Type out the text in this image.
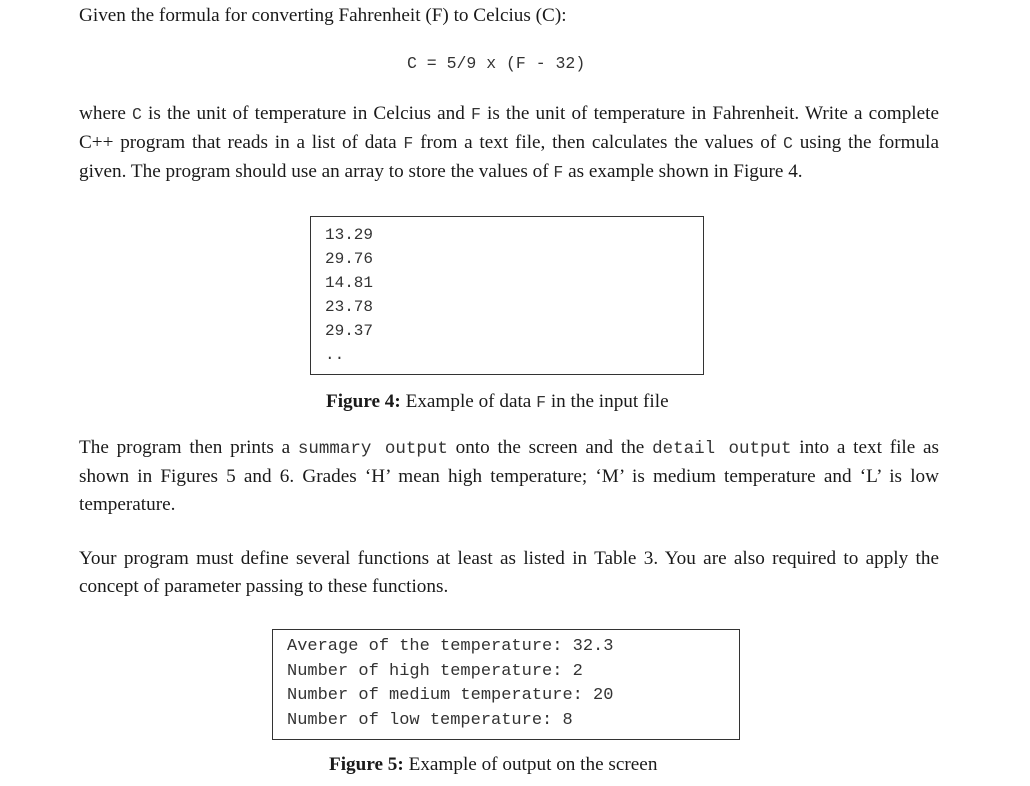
Given the formula for converting Fahrenheit (F) to Celcius (C):

C = 5/9 x (F - 32)

where C is the unit of temperature in Celcius and F is the unit of temperature in Fahrenheit. Write a complete C++ program that reads in a list of data F from a text file, then calculates the values of C using the formula given. The program should use an array to store the values of F as example shown in Figure 4.

13.29
29.76
14.81
23.78
29.37
..
Figure 4: Example of data F in the input file

The program then prints a summary output onto the screen and the detail output into a text file as shown in Figures 5 and 6. Grades ‘H’ mean high temperature; ‘M’ is medium temperature and ‘L’ is low temperature.

Your program must define several functions at least as listed in Table 3. You are also required to apply the concept of parameter passing to these functions.

Average of the temperature: 32.3
Number of high temperature: 2
Number of medium temperature: 20
Number of low temperature: 8
Figure 5: Example of output on the screen
